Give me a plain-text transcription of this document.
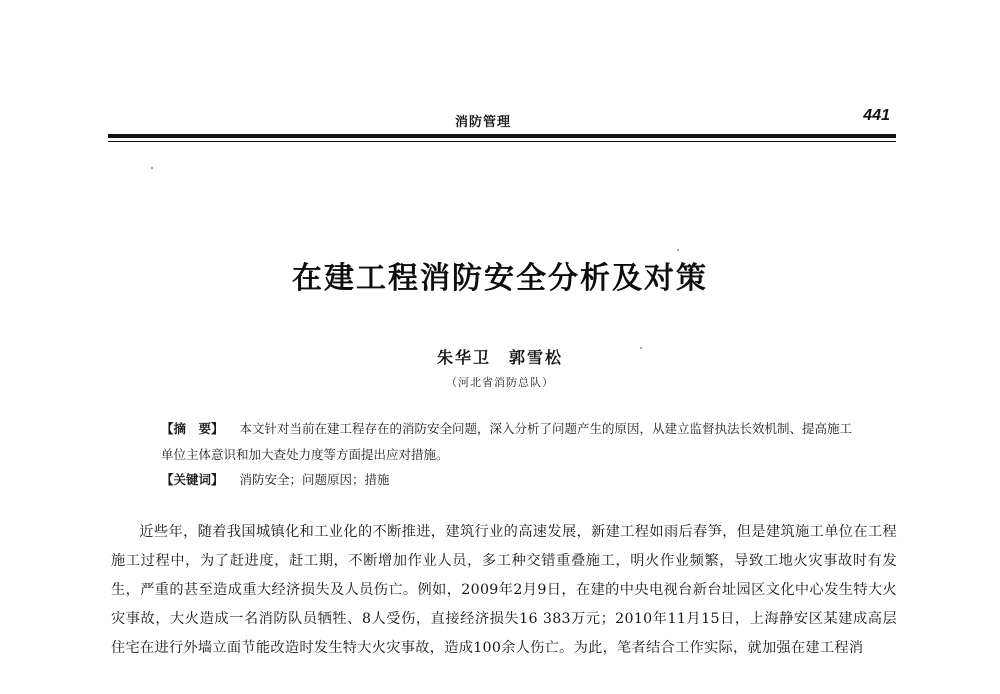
消防管理	441
在建工程消防安全分析及对策
朱华卫　郭雪松
（河北省消防总队）
【摘　要】 本文针对当前在建工程存在的消防安全问题，深入分析了问题产生的原因，从建立监督执法长效机制、提高施工单位主体意识和加大查处力度等方面提出应对措施。
【关键词】 消防安全；问题原因；措施
近些年，随着我国城镇化和工业化的不断推进，建筑行业的高速发展，新建工程如雨后春笋，但是建筑施工单位在工程施工过程中，为了赶进度，赶工期，不断增加作业人员，多工种交错重叠施工，明火作业频繁，导致工地火灾事故时有发生，严重的甚至造成重大经济损失及人员伤亡。例如，2009年2月9日，在建的中央电视台新台址园区文化中心发生特大火灾事故，大火造成一名消防队员牺牲、8人受伤，直接经济损失16 383万元；2010年11月15日，上海静安区某建成高层住宅在进行外墙立面节能改造时发生特大火灾事故，造成100余人伤亡。为此，笔者结合工作实际，就加强在建工程消
